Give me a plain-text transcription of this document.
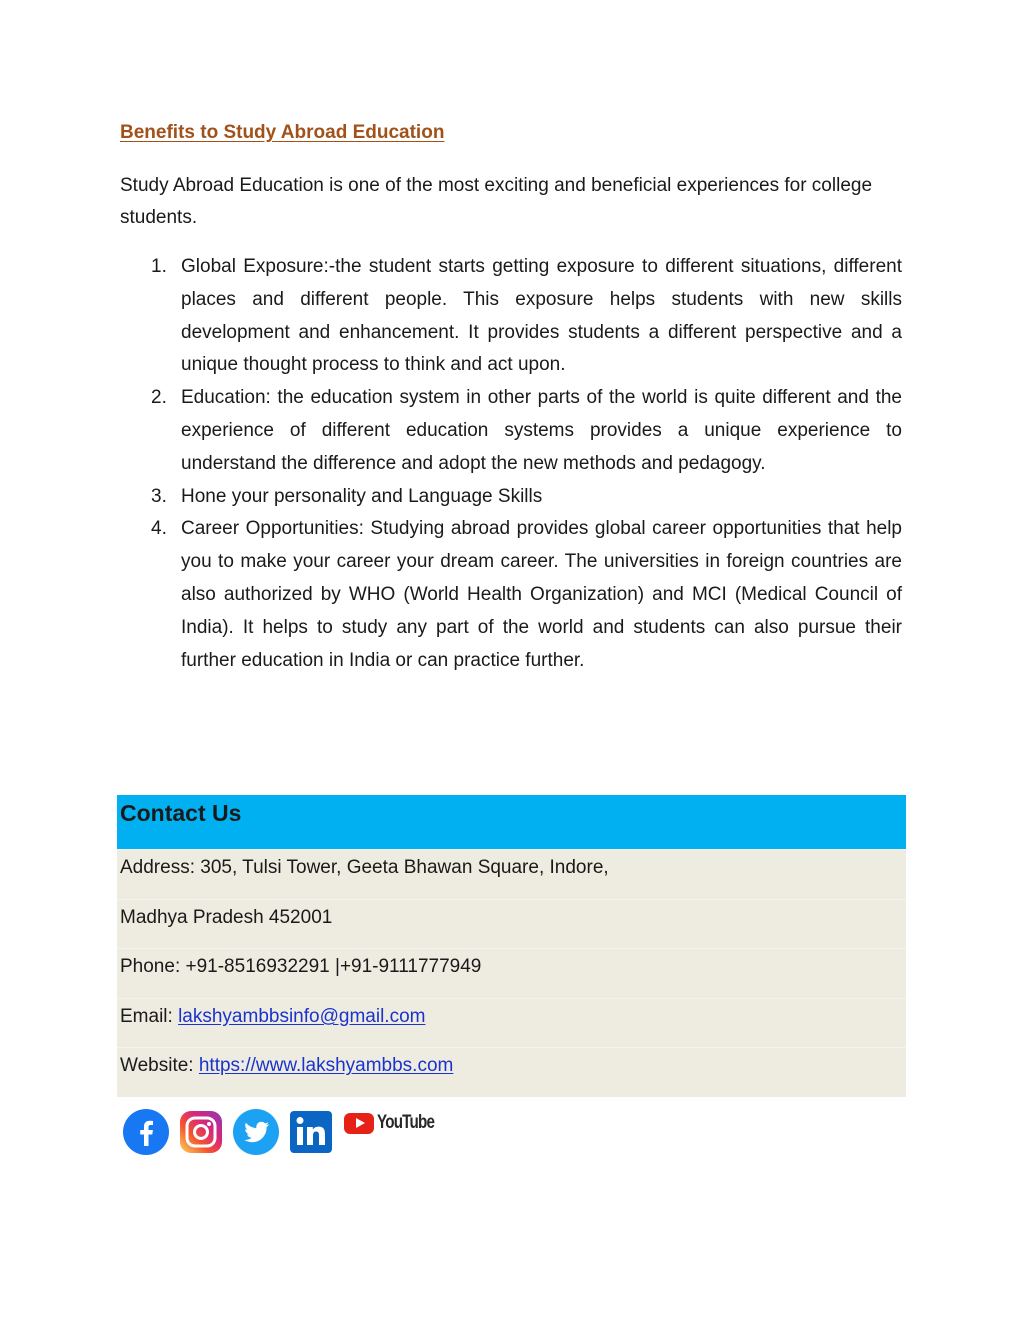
Benefits to Study Abroad Education
Study Abroad Education is one of the most exciting and beneficial experiences for college students.
1. Global Exposure:-the student starts getting exposure to different situations, different places and different people. This exposure helps students with new skills development and enhancement. It provides students a different perspective and a unique thought process to think and act upon.
2. Education: the education system in other parts of the world is quite different and the experience of different education systems provides a unique experience to understand the difference and adopt the new methods and pedagogy.
3. Hone your personality and Language Skills
4. Career Opportunities: Studying abroad provides global career opportunities that help you to make your career your dream career. The universities in foreign countries are also authorized by WHO (World Health Organization) and MCI (Medical Council of India). It helps to study any part of the world and students can also pursue their further education in India or can practice further.
Contact Us
Address: 305, Tulsi Tower, Geeta Bhawan Square, Indore,
Madhya Pradesh 452001
Phone: +91-8516932291 |+91-9111777949
Email: lakshyambbsinfo@gmail.com
Website: https://www.lakshyambbs.com
YouTube
